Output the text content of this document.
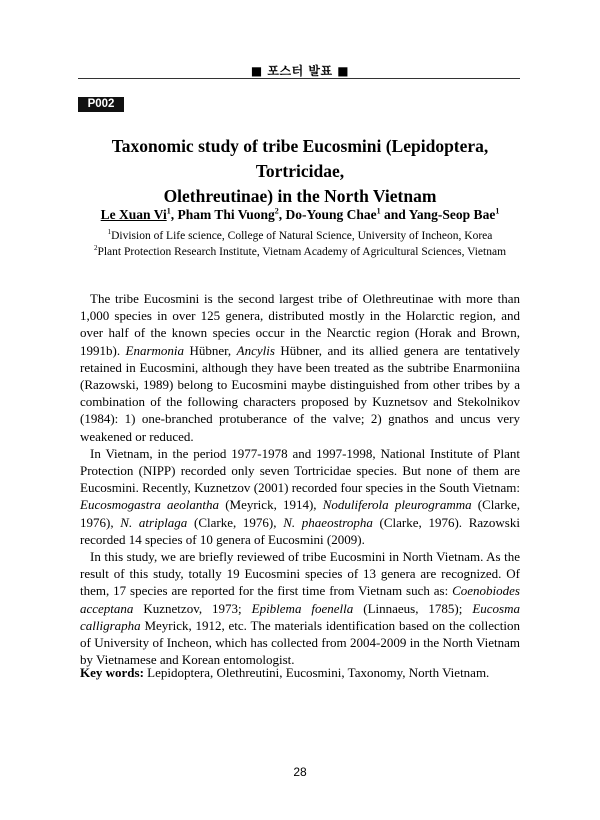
■ 포스터 발표 ■
P002
Taxonomic study of tribe Eucosmini (Lepidoptera, Tortricidae,
Olethreutinae) in the North Vietnam
Le Xuan Vi$^1$, Pham Thi Vuong$^2$, Do-Young Chae$^1$ and Yang-Seop Bae$^1$
$^1$Division of Life science, College of Natural Science, University of Incheon, Korea
$^2$Plant Protection Research Institute, Vietnam Academy of Agricultural Sciences, Vietnam

The tribe Eucosmini is the second largest tribe of Olethreutinae with more than 1,000 species in over 125 genera, distributed mostly in the Holarctic region, and over half of the known species occur in the Nearctic region (Horak and Brown, 1991b). Enarmonia Hübner, Ancylis Hübner, and its allied genera are tentatively retained in Eucosmini, although they have been treated as the subtribe Enarmoniina (Razowski, 1989) belong to Eucosmini maybe distinguished from other tribes by a combination of the following characters proposed by Kuznetsov and Stekolnikov (1984): 1) one-branched protuberance of the valve; 2) gnathos and uncus very weakened or reduced.

In Vietnam, in the period 1977-1978 and 1997-1998, National Institute of Plant Protection (NIPP) recorded only seven Tortricidae species. But none of them are Eucosmini. Recently, Kuznetzov (2001) recorded four species in the South Vietnam: Eucosmogastra aeolantha (Meyrick, 1914), Noduliferola pleurogramma (Clarke, 1976), N. atriplaga (Clarke, 1976), N. phaeostropha (Clarke, 1976). Razowski recorded 14 species of 10 genera of Eucosmini (2009).

In this study, we are briefly reviewed of tribe Eucosmini in North Vietnam. As the result of this study, totally 19 Eucosmini species of 13 genera are recognized. Of them, 17 species are reported for the first time from Vietnam such as: Coenobiodes acceptana Kuznetzov, 1973; Epiblema foenella (Linnaeus, 1785); Eucosma calligrapha Meyrick, 1912, etc. The materials identification based on the collection of University of Incheon, which has collected from 2004-2009 in the North Vietnam by Vietnamese and Korean entomologist.

Key words: Lepidoptera, Olethreutini, Eucosmini, Taxonomy, North Vietnam.
28
